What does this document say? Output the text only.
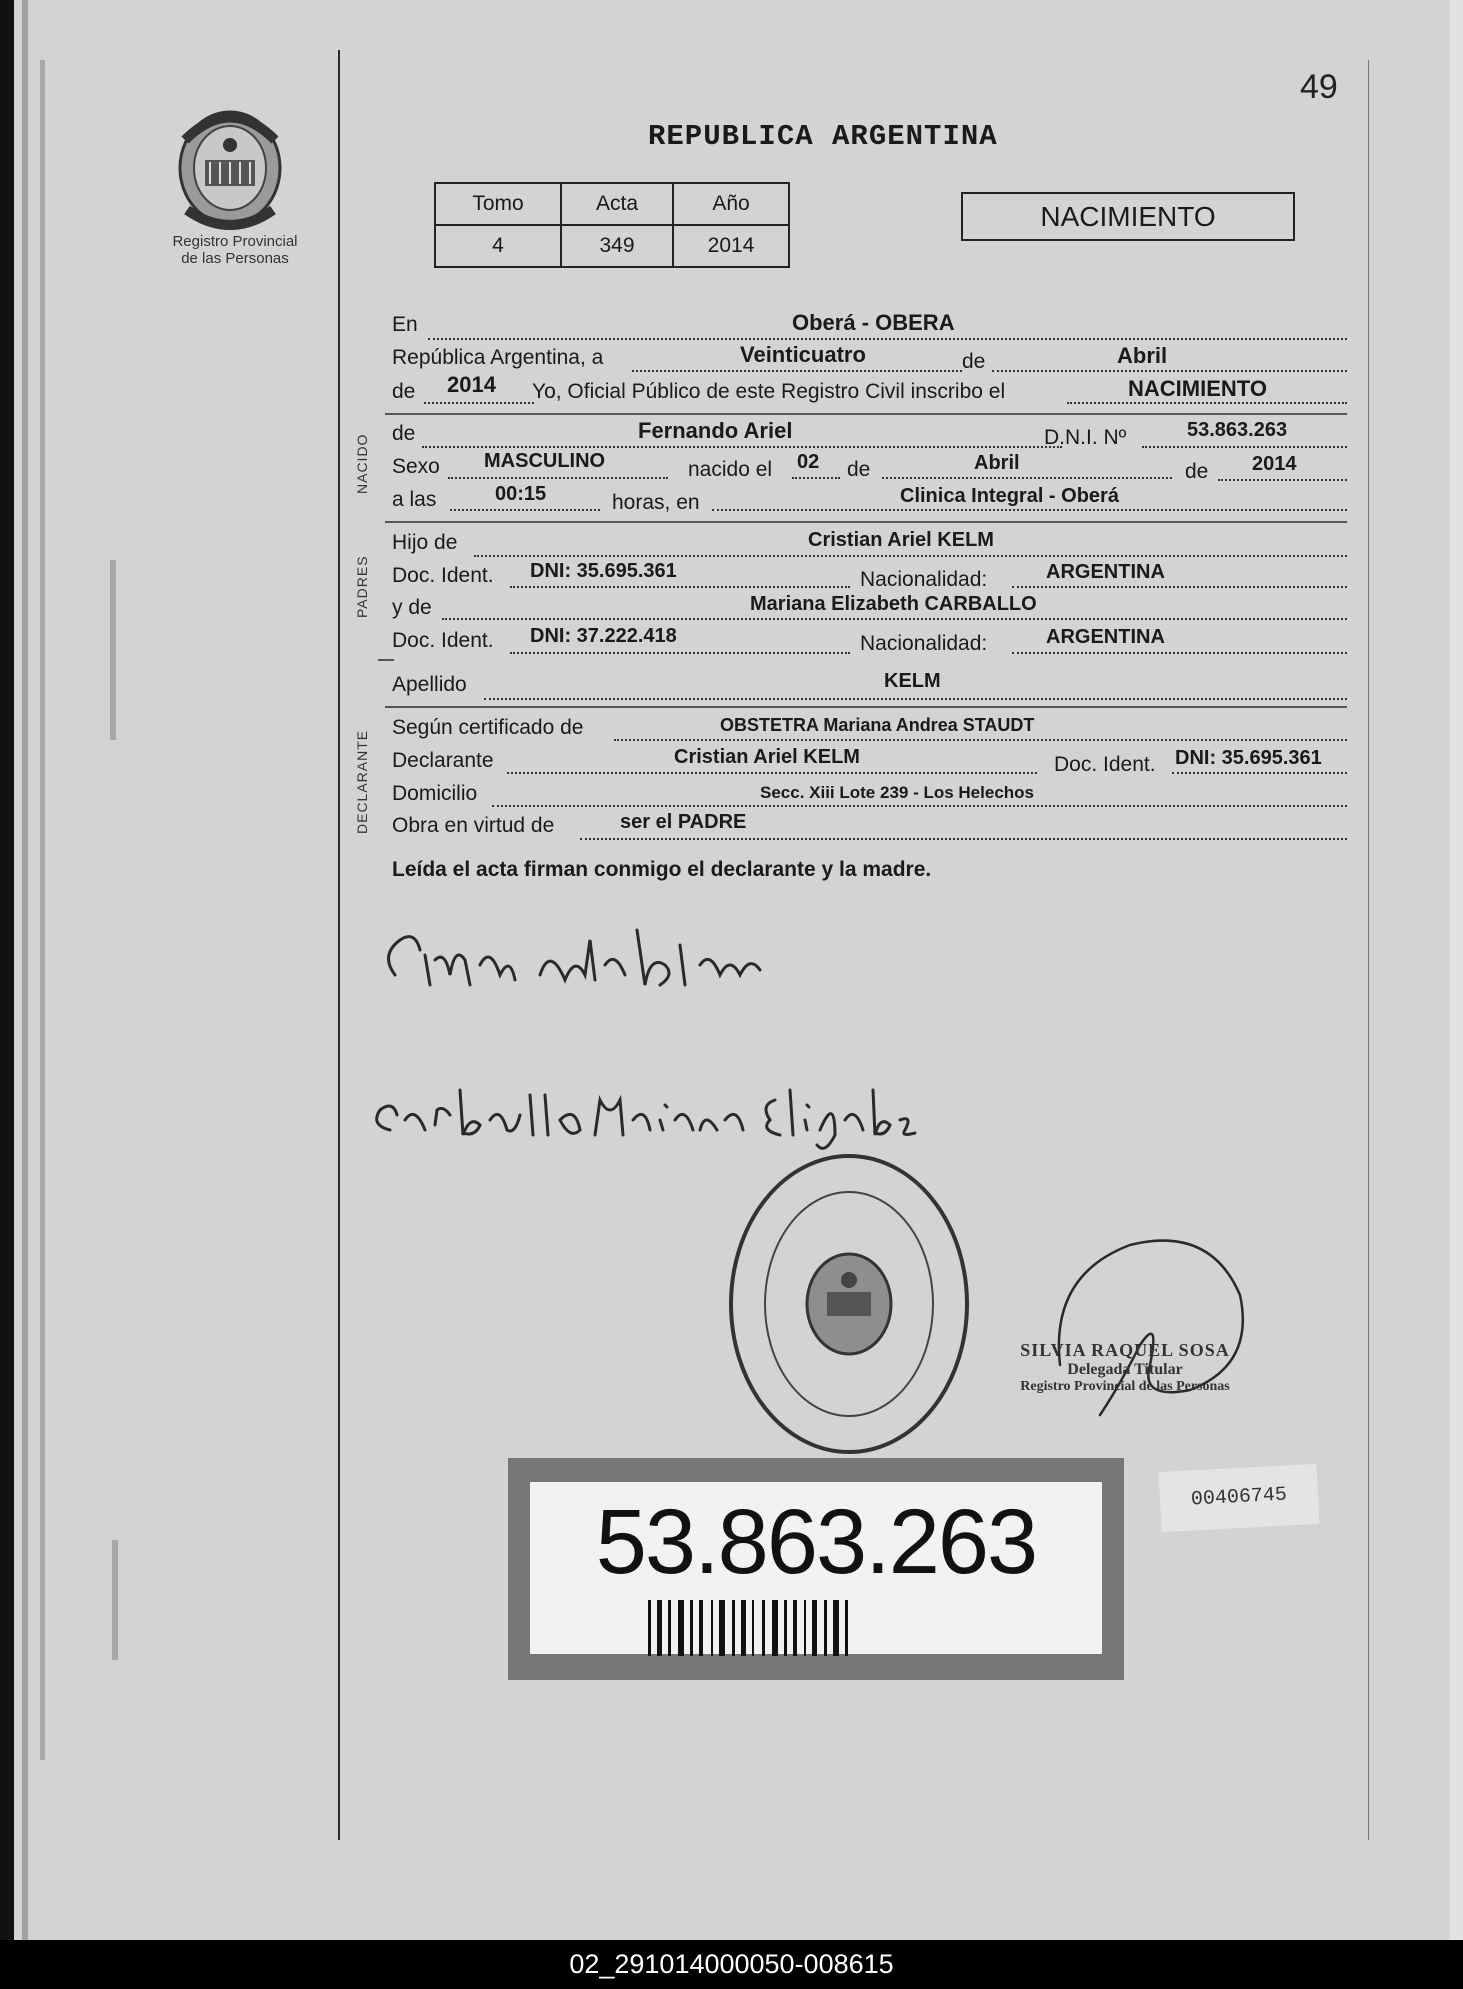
Registro Provincial
de las Personas
49
REPUBLICA ARGENTINA
Tomo	Acta	Año
4	349	2014
NACIMIENTO
En	Oberá - OBERA
República Argentina, a	Veinticuatro	de	Abril
de 2014 Yo, Oficial Público de este Registro Civil inscribo el	NACIMIENTO
NACIDO
de	Fernando Ariel	D.N.I. Nº	53.863.263
Sexo MASCULINO	nacido el 02 de	Abril	de 2014
a las	00:15	horas, en	Clinica Integral - Oberá
PADRES
Hijo de	Cristian Ariel KELM
Doc. Ident. DNI: 35.695.361	Nacionalidad:	ARGENTINA
y de	Mariana Elizabeth CARBALLO
Doc. Ident. DNI: 37.222.418	Nacionalidad:	ARGENTINA
Apellido	KELM
DECLARANTE
Según certificado de	OBSTETRA Mariana Andrea STAUDT
Declarante	Cristian Ariel KELM	Doc. Ident. DNI: 35.695.361
Domicilio	Secc. Xiii Lote 239 - Los Helechos
Obra en virtud de	ser el PADRE
Leída el acta firman conmigo el declarante y la madre.
SILVIA RAQUEL SOSA
Delegada Titular
Registro Provincial de las Personas
53.863.263	00406745
02_291014000050-008615
